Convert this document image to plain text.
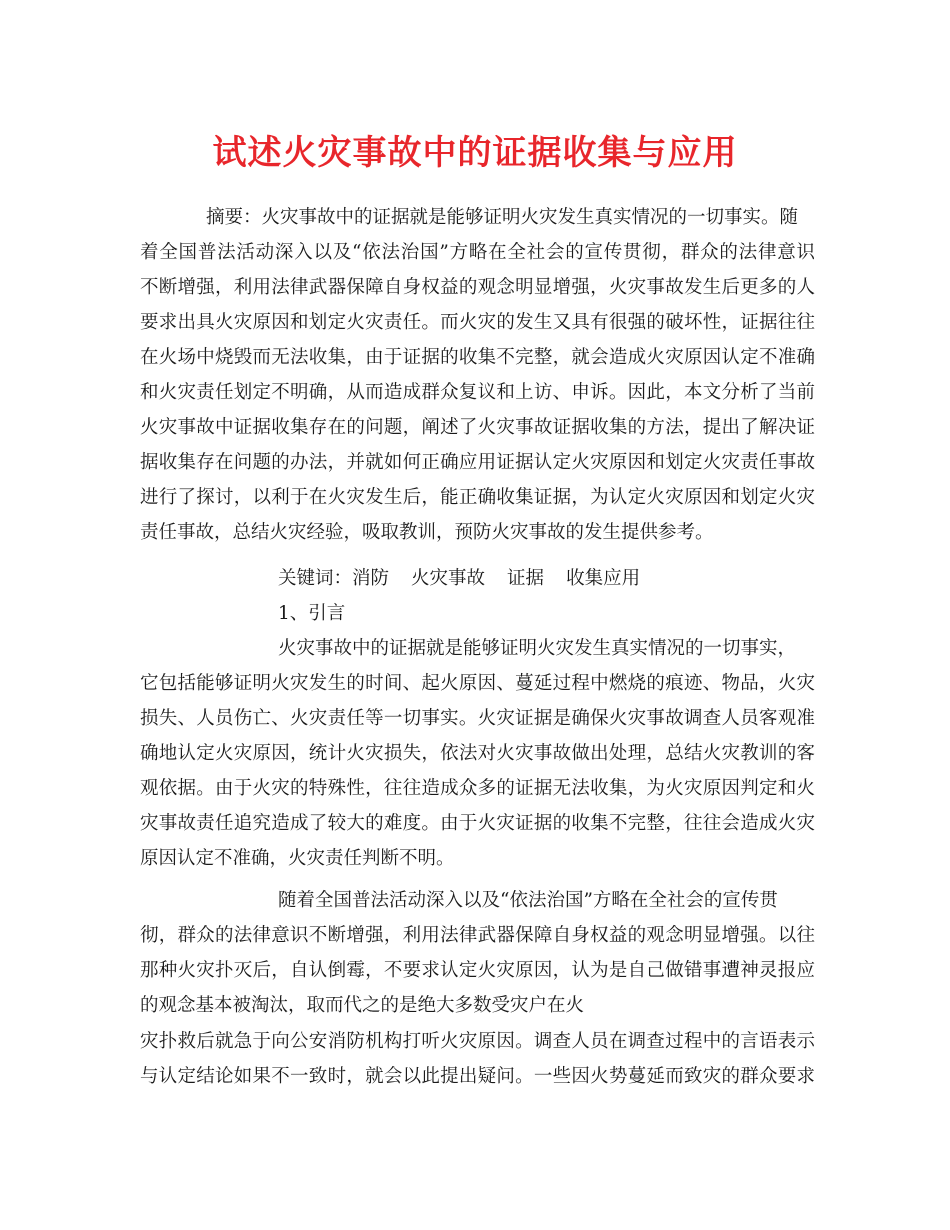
试述火灾事故中的证据收集与应用
摘要：火灾事故中的证据就是能够证明火灾发生真实情况的一切事实。随
着全国普法活动深入以及“依法治国”方略在全社会的宣传贯彻，群众的法律意识
不断增强，利用法律武器保障自身权益的观念明显增强，火灾事故发生后更多的人
要求出具火灾原因和划定火灾责任。而火灾的发生又具有很强的破坏性，证据往往
在火场中烧毁而无法收集，由于证据的收集不完整，就会造成火灾原因认定不准确
和火灾责任划定不明确，从而造成群众复议和上访、申诉。因此，本文分析了当前
火灾事故中证据收集存在的问题，阐述了火灾事故证据收集的方法，提出了解决证
据收集存在问题的办法，并就如何正确应用证据认定火灾原因和划定火灾责任事故
进行了探讨，以利于在火灾发生后，能正确收集证据，为认定火灾原因和划定火灾
责任事故，总结火灾经验，吸取教训，预防火灾事故的发生提供参考。
关键词：消防 火灾事故 证据 收集应用
1、引言
火灾事故中的证据就是能够证明火灾发生真实情况的一切事实，
它包括能够证明火灾发生的时间、起火原因、蔓延过程中燃烧的痕迹、物品，火灾
损失、人员伤亡、火灾责任等一切事实。火灾证据是确保火灾事故调查人员客观准
确地认定火灾原因，统计火灾损失，依法对火灾事故做出处理，总结火灾教训的客
观依据。由于火灾的特殊性，往往造成众多的证据无法收集，为火灾原因判定和火
灾事故责任追究造成了较大的难度。由于火灾证据的收集不完整，往往会造成火灾
原因认定不准确，火灾责任判断不明。
随着全国普法活动深入以及“依法治国”方略在全社会的宣传贯
彻，群众的法律意识不断增强，利用法律武器保障自身权益的观念明显增强。以往
那种火灾扑灭后，自认倒霉，不要求认定火灾原因，认为是自己做错事遭神灵报应
的观念基本被淘汰，取而代之的是绝大多数受灾户在火
灾扑救后就急于向公安消防机构打听火灾原因。调查人员在调查过程中的言语表示
与认定结论如果不一致时，就会以此提出疑问。一些因火势蔓延而致灾的群众要求
